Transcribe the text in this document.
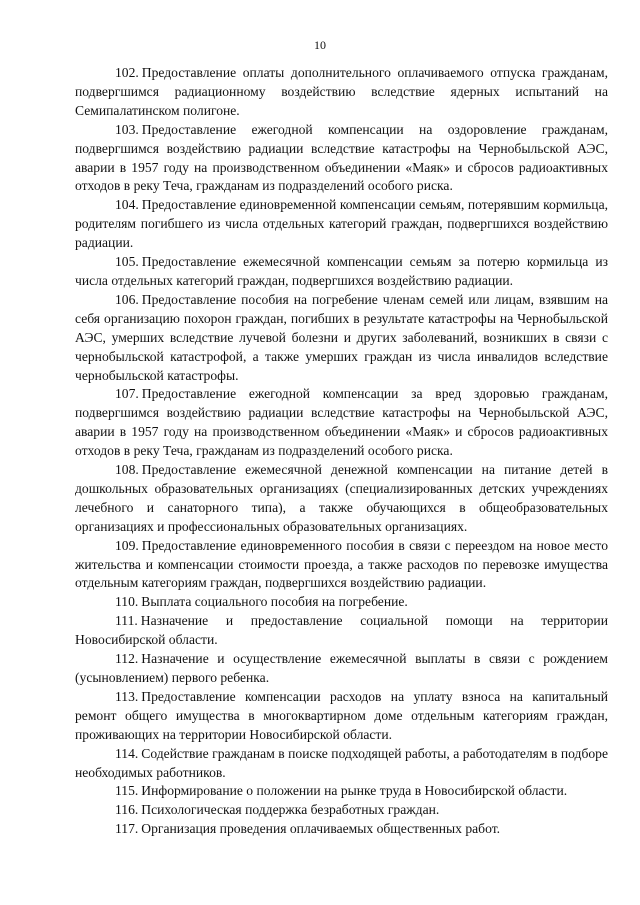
10

102. Предоставление оплаты дополнительного оплачиваемого отпуска гражданам, подвергшимся радиационному воздействию вследствие ядерных испытаний на Семипалатинском полигоне.

103. Предоставление ежегодной компенсации на оздоровление гражданам, подвергшимся воздействию радиации вследствие катастрофы на Чернобыльской АЭС, аварии в 1957 году на производственном объединении «Маяк» и сбросов радиоактивных отходов в реку Теча, гражданам из подразделений особого риска.

104. Предоставление единовременной компенсации семьям, потерявшим кормильца, родителям погибшего из числа отдельных категорий граждан, подвергшихся воздействию радиации.

105. Предоставление ежемесячной компенсации семьям за потерю кормильца из числа отдельных категорий граждан, подвергшихся воздействию радиации.

106. Предоставление пособия на погребение членам семей или лицам, взявшим на себя организацию похорон граждан, погибших в результате катастрофы на Чернобыльской АЭС, умерших вследствие лучевой болезни и других заболеваний, возникших в связи с чернобыльской катастрофой, а также умерших граждан из числа инвалидов вследствие чернобыльской катастрофы.

107. Предоставление ежегодной компенсации за вред здоровью гражданам, подвергшимся воздействию радиации вследствие катастрофы на Чернобыльской АЭС, аварии в 1957 году на производственном объединении «Маяк» и сбросов радиоактивных отходов в реку Теча, гражданам из подразделений особого риска.

108. Предоставление ежемесячной денежной компенсации на питание детей в дошкольных образовательных организациях (специализированных детских учреждениях лечебного и санаторного типа), а также обучающихся в общеобразовательных организациях и профессиональных образовательных организациях.

109. Предоставление единовременного пособия в связи с переездом на новое место жительства и компенсации стоимости проезда, а также расходов по перевозке имущества отдельным категориям граждан, подвергшихся воздействию радиации.

110. Выплата социального пособия на погребение.

111. Назначение и предоставление социальной помощи на территории Новосибирской области.

112. Назначение и осуществление ежемесячной выплаты в связи с рождением (усыновлением) первого ребенка.

113. Предоставление компенсации расходов на уплату взноса на капитальный ремонт общего имущества в многоквартирном доме отдельным категориям граждан, проживающих на территории Новосибирской области.

114. Содействие гражданам в поиске подходящей работы, а работодателям в подборе необходимых работников.

115. Информирование о положении на рынке труда в Новосибирской области.

116. Психологическая поддержка безработных граждан.

117. Организация проведения оплачиваемых общественных работ.
